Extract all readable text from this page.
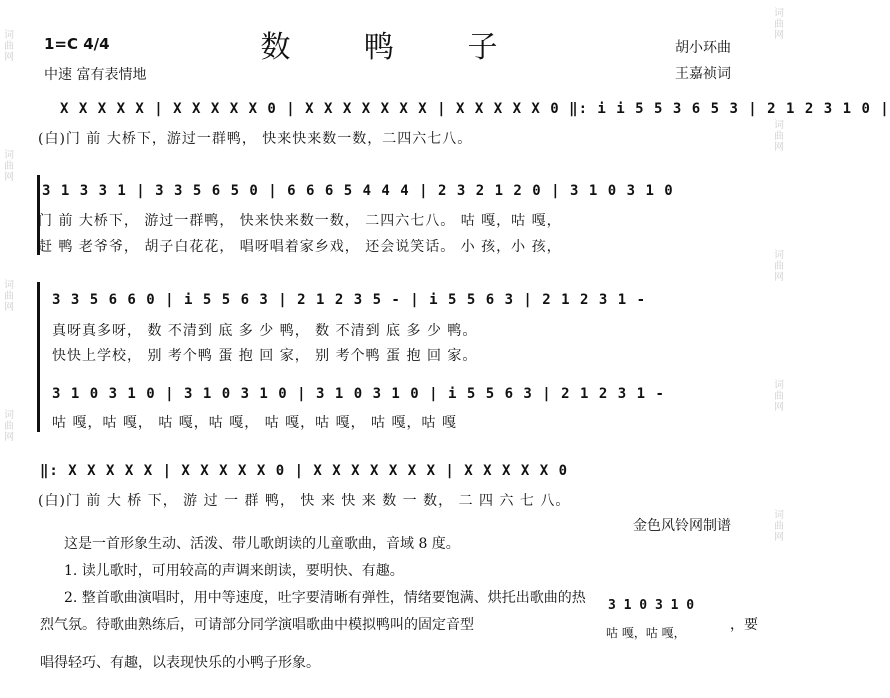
词
曲
网
词
曲
网
词
曲
网
词
曲
网
词
曲
网
词
曲
网
词
曲
网
词
曲
网
词
曲
网
数 鸭 子
1=C 4/4
中速 富有表情地
胡小环曲
王嘉祯词
X X X X X | X X X X X 0 | X X X X X X X | X X X X X 0 ‖: i i 5 5 3 6 5 3 | 2 1 2 3 1 0 |
(白)门 前 大桥下，游过一群鸭， 快来快来数一数，二四六七八。
3 1 3 3 1 | 3 3 5 6 5 0 | 6 6 6 5 4 4 4 | 2 3 2 1 2 0 | 3 1 0 3 1 0
门 前 大桥下， 游过一群鸭， 快来快来数一数， 二四六七八。 咕 嘎，咕 嘎，
赶 鸭 老爷爷， 胡子白花花， 唱呀唱着家乡戏， 还会说笑话。 小 孩，小 孩，
3 3 5 6 6 0 | i 5 5 6 3 | 2 1 2 3 5 - | i 5 5 6 3 | 2 1 2 3 1 -
真呀真多呀， 数 不清到 底 多 少 鸭， 数 不清到 底 多 少 鸭。
快快上学校， 别 考个鸭 蛋 抱 回 家， 别 考个鸭 蛋 抱 回 家。
3 1 0 3 1 0 | 3 1 0 3 1 0 | 3 1 0 3 1 0 | i 5 5 6 3 | 2 1 2 3 1 -
咕 嘎，咕 嘎， 咕 嘎，咕 嘎， 咕 嘎，咕 嘎， 咕 嘎，咕 嘎
‖: X X X X X | X X X X X 0 | X X X X X X X | X X X X X 0
(白)门 前 大 桥 下， 游 过 一 群 鸭， 快 来 快 来 数 一 数， 二 四 六 七 八。
金色风铃网制谱
这是一首形象生动、活泼、带儿歌朗读的儿童歌曲，音域 8 度。
1. 读儿歌时，可用较高的声调来朗读，要明快、有趣。
2. 整首歌曲演唱时，用中等速度，吐字要清晰有弹性，情绪要饱满、烘托出歌曲的热
烈气氛。待歌曲熟练后，可请部分同学演唱歌曲中模拟鸭叫的固定音型
3 1 0 3 1 0
咕 嘎，咕 嘎，	，要
唱得轻巧、有趣，以表现快乐的小鸭子形象。
